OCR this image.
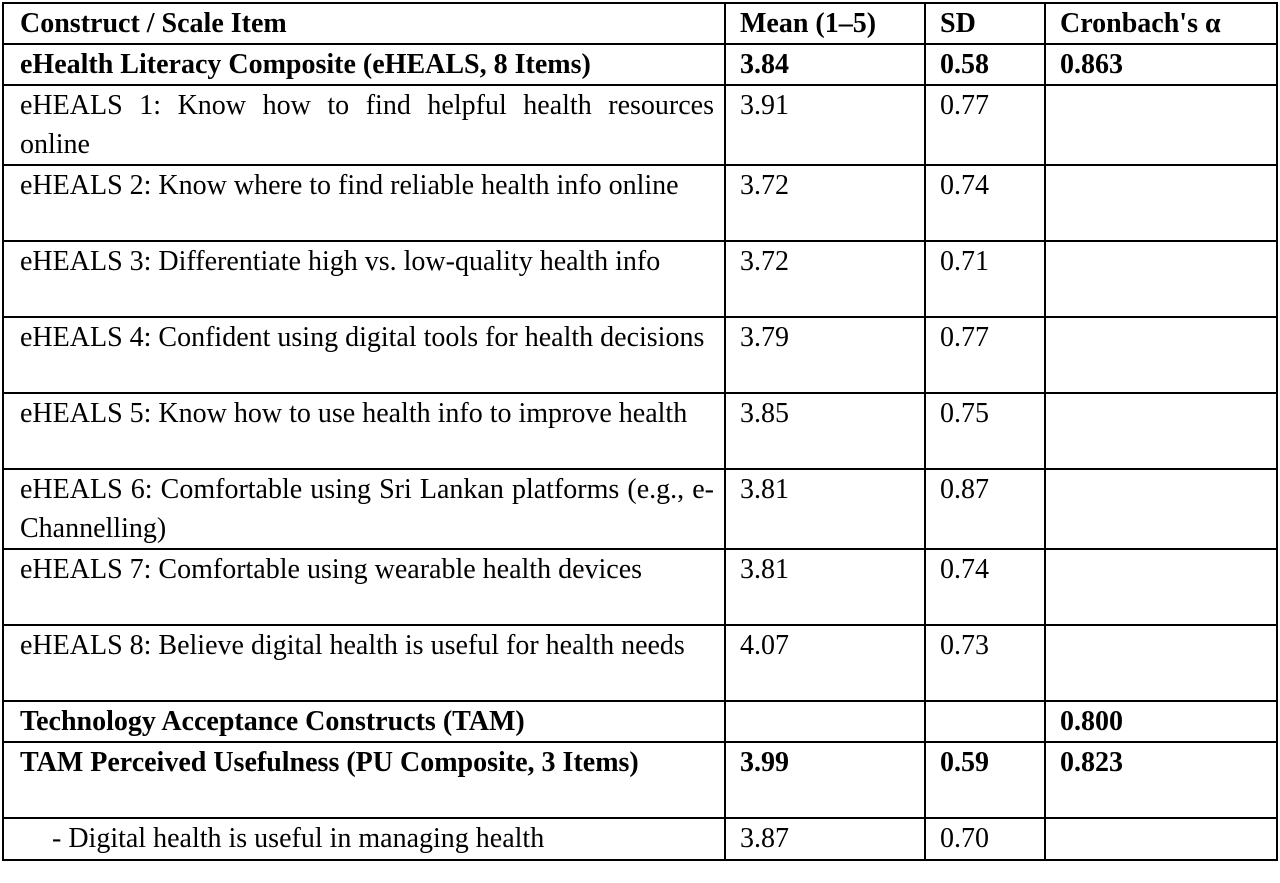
Construct / Scale Item	Mean (1–5)	SD	Cronbach's α
eHealth Literacy Composite (eHEALS, 8 Items)	3.84	0.58	0.863
eHEALS 1: Know how to find helpful health resources online	3.91	0.77	
eHEALS 2: Know where to find reliable health info online	3.72	0.74	
eHEALS 3: Differentiate high vs. low-quality health info	3.72	0.71	
eHEALS 4: Confident using digital tools for health decisions	3.79	0.77	
eHEALS 5: Know how to use health info to improve health	3.85	0.75	
eHEALS 6: Comfortable using Sri Lankan platforms (e.g., e-Channelling)	3.81	0.87	
eHEALS 7: Comfortable using wearable health devices	3.81	0.74	
eHEALS 8: Believe digital health is useful for health needs	4.07	0.73	
Technology Acceptance Constructs (TAM)			0.800
TAM Perceived Usefulness (PU Composite, 3 Items)	3.99	0.59	0.823
- Digital health is useful in managing health	3.87	0.70	
